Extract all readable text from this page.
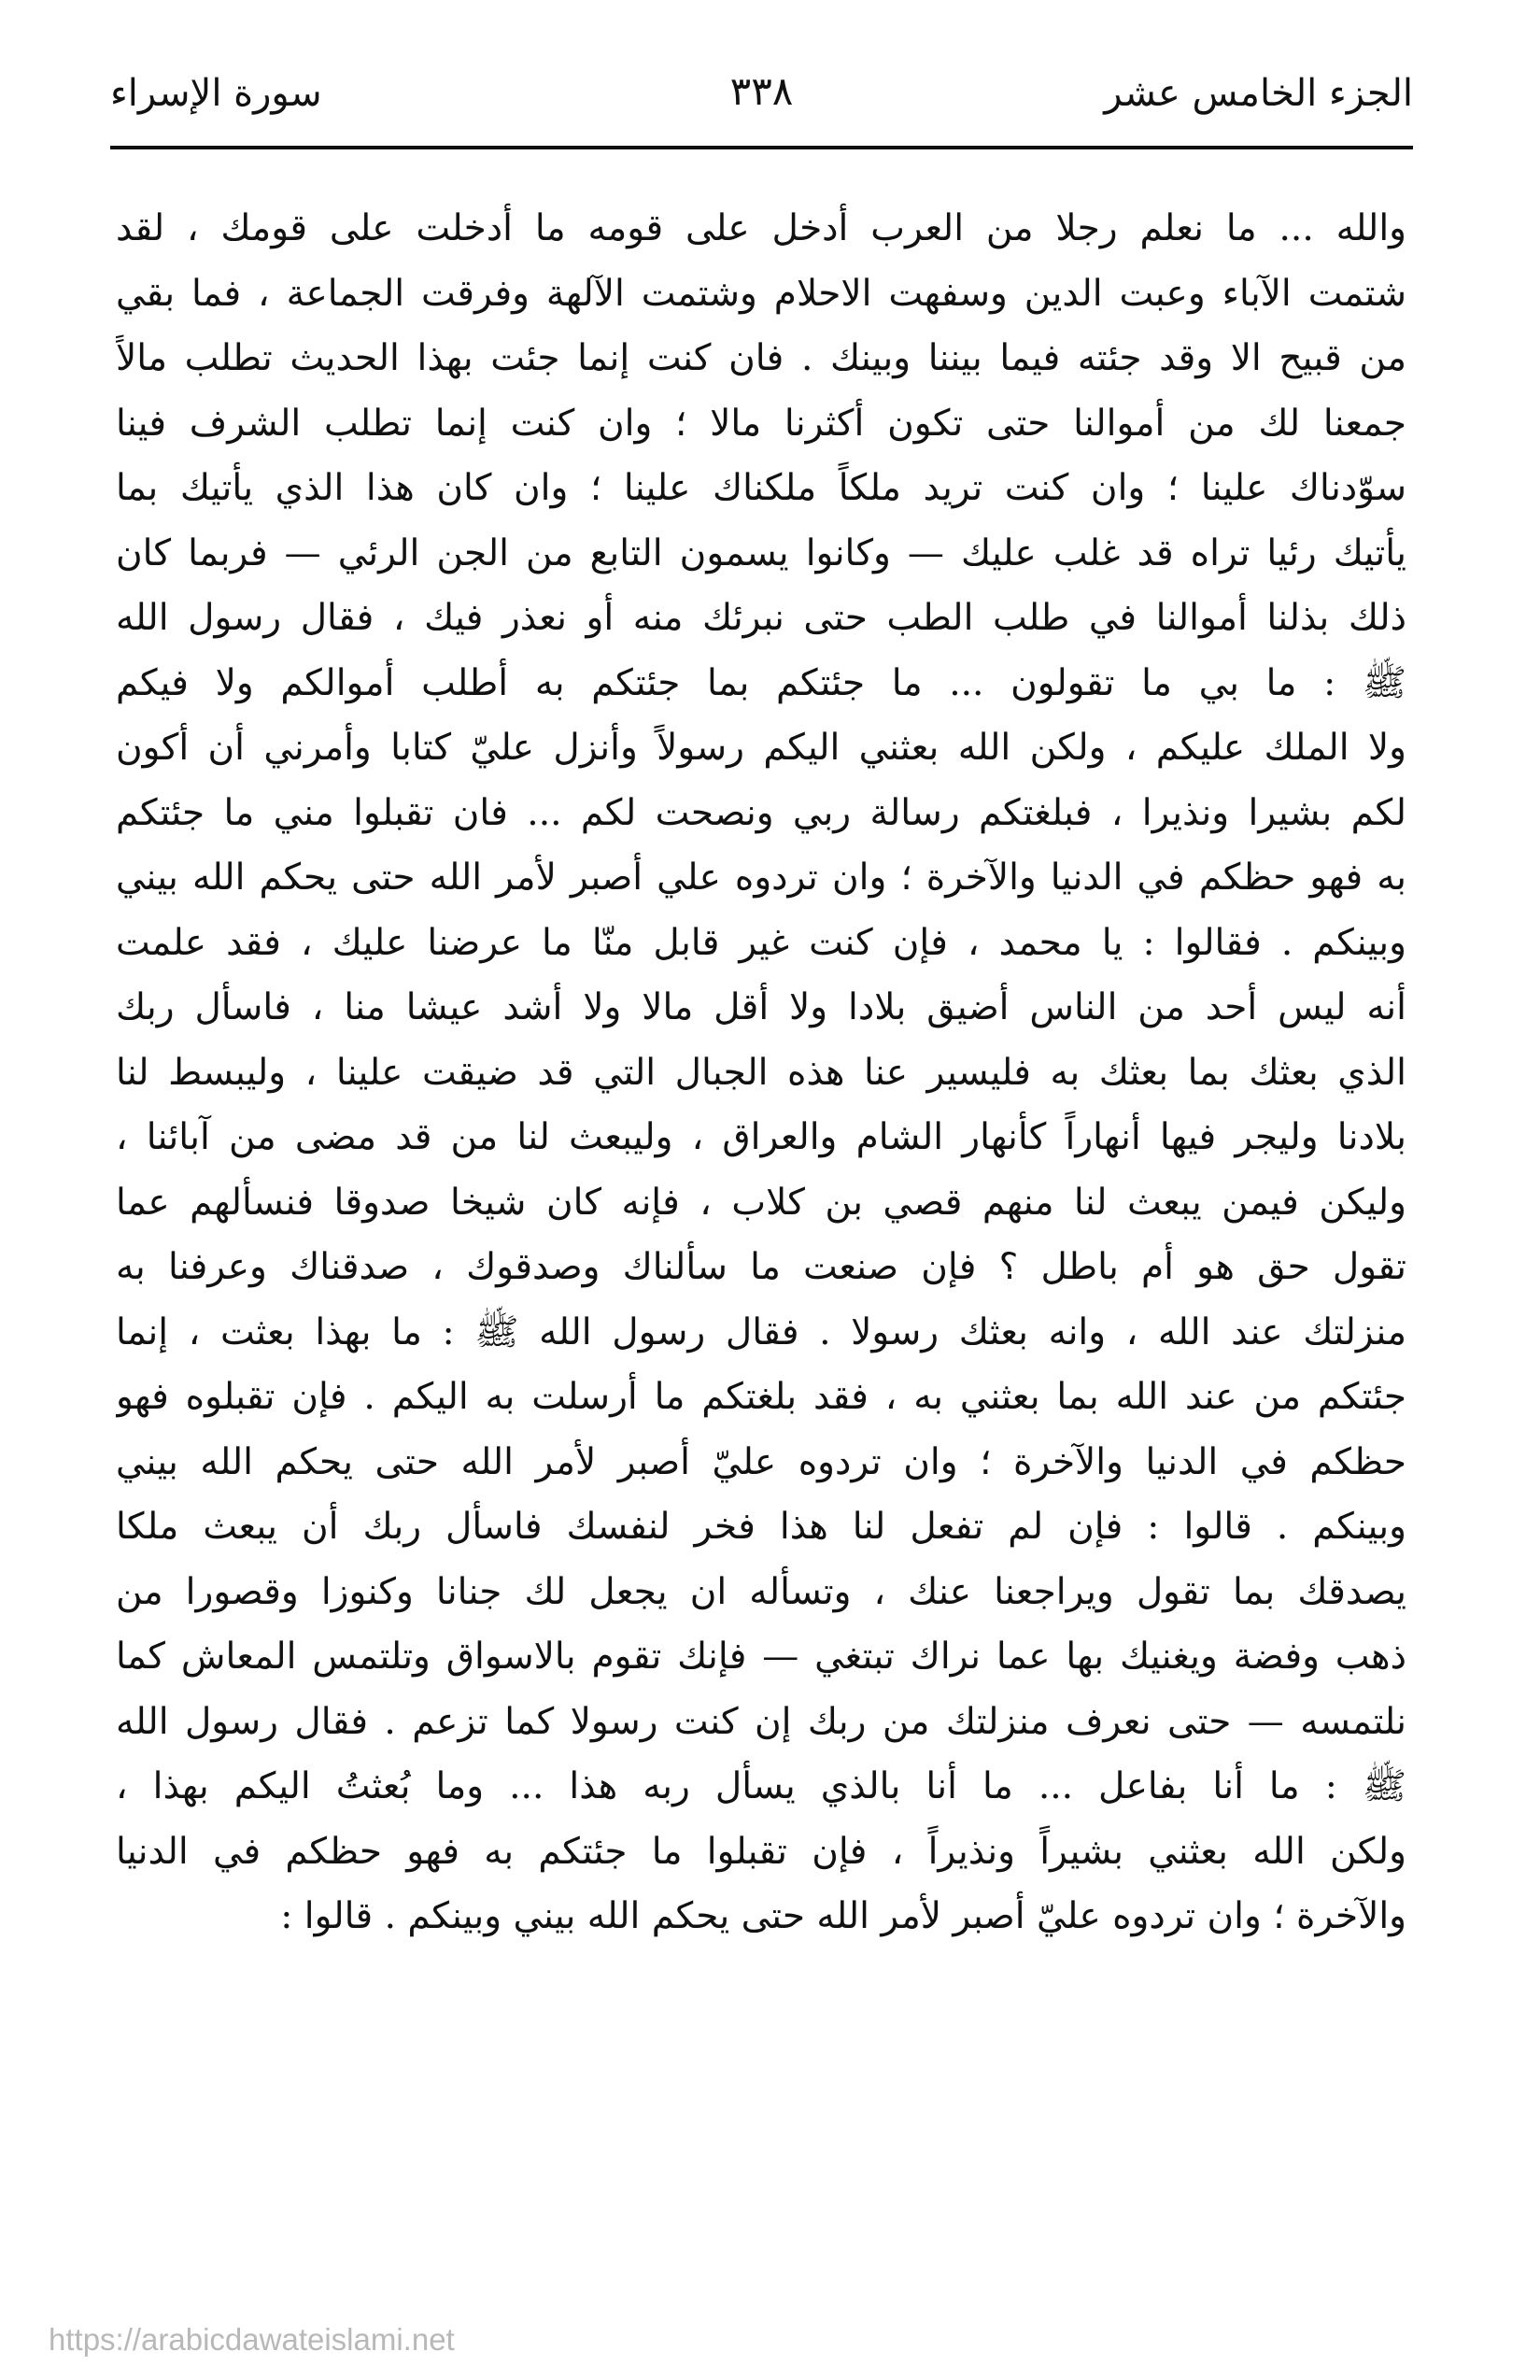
الجزء الخامس عشر
٣٣٨
سورة الإسراء
والله ... ما نعلم رجلا من العرب أدخل على قومه ما أدخلت على قومك ، لقد
شتمت الآباء وعبت الدين وسفهت الاحلام وشتمت الآلهة وفرقت الجماعة ، فما بقي
من قبيح الا وقد جئته فيما بيننا وبينك . فان كنت إنما جئت بهذا الحديث تطلب مالاً
جمعنا لك من أموالنا حتى تكون أكثرنا مالا ؛ وان كنت إنما تطلب الشرف فينا
سوّدناك علينا ؛ وان كنت تريد ملكاً ملكناك علينا ؛ وان كان هذا الذي يأتيك بما
يأتيك رئيا تراه قد غلب عليك — وكانوا يسمون التابع من الجن الرئي — فربما كان
ذلك بذلنا أموالنا في طلب الطب حتى نبرئك منه أو نعذر فيك ، فقال رسول الله
ﷺ : ما بي ما تقولون ... ما جئتكم بما جئتكم به أطلب أموالكم ولا فيكم
ولا الملك عليكم ، ولكن الله بعثني اليكم رسولاً وأنزل عليّ كتابا وأمرني أن أكون
لكم بشيرا ونذيرا ، فبلغتكم رسالة ربي ونصحت لكم ... فان تقبلوا مني ما جئتكم
به فهو حظكم في الدنيا والآخرة ؛ وان تردوه علي أصبر لأمر الله حتى يحكم الله بيني
وبينكم . فقالوا : يا محمد ، فإن كنت غير قابل منّا ما عرضنا عليك ، فقد علمت
أنه ليس أحد من الناس أضيق بلادا ولا أقل مالا ولا أشد عيشا منا ، فاسأل ربك
الذي بعثك بما بعثك به فليسير عنا هذه الجبال التي قد ضيقت علينا ، وليبسط لنا
بلادنا وليجر فيها أنهاراً كأنهار الشام والعراق ، وليبعث لنا من قد مضى من آبائنا ،
وليكن فيمن يبعث لنا منهم قصي بن كلاب ، فإنه كان شيخا صدوقا فنسألهم عما
تقول حق هو أم باطل ؟ فإن صنعت ما سألناك وصدقوك ، صدقناك وعرفنا به
منزلتك عند الله ، وانه بعثك رسولا . فقال رسول الله ﷺ : ما بهذا بعثت ، إنما
جئتكم من عند الله بما بعثني به ، فقد بلغتكم ما أرسلت به اليكم . فإن تقبلوه فهو
حظكم في الدنيا والآخرة ؛ وان تردوه عليّ أصبر لأمر الله حتى يحكم الله بيني
وبينكم . قالوا : فإن لم تفعل لنا هذا فخر لنفسك فاسأل ربك أن يبعث ملكا
يصدقك بما تقول ويراجعنا عنك ، وتسأله ان يجعل لك جنانا وكنوزا وقصورا من
ذهب وفضة ويغنيك بها عما نراك تبتغي — فإنك تقوم بالاسواق وتلتمس المعاش كما
نلتمسه — حتى نعرف منزلتك من ربك إن كنت رسولا كما تزعم . فقال رسول الله
ﷺ : ما أنا بفاعل ... ما أنا بالذي يسأل ربه هذا ... وما بُعثتُ اليكم بهذا ،
ولكن الله بعثني بشيراً ونذيراً ، فإن تقبلوا ما جئتكم به فهو حظكم في الدنيا
والآخرة ؛ وان تردوه عليّ أصبر لأمر الله حتى يحكم الله بيني وبينكم . قالوا :
https://arabicdawateislami.net
